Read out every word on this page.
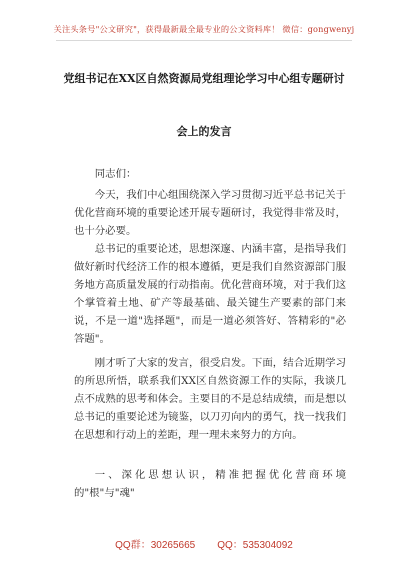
关注头条号"公文研究"，获得最新最全最专业的公文资料库！ 微信：gongwenyj
党组书记在XX区自然资源局党组理论学习中心组专题研讨
会上的发言

同志们：

今天，我们中心组围绕深入学习贯彻习近平总书记关于优化营商环境的重要论述开展专题研讨，我觉得非常及时，也十分必要。

总书记的重要论述，思想深邃、内涵丰富，是指导我们做好新时代经济工作的根本遵循，更是我们自然资源部门服务地方高质量发展的行动指南。优化营商环境，对于我们这个掌管着土地、矿产等最基础、最关键生产要素的部门来说，不是一道"选择题"，而是一道必须答好、答精彩的"必答题"。

刚才听了大家的发言，很受启发。下面，结合近期学习的所思所悟，联系我们XX区自然资源工作的实际，我谈几点不成熟的思考和体会。主要目的不是总结成绩，而是想以总书记的重要论述为镜鉴，以刀刃向内的勇气，找一找我们在思想和行动上的差距，理一理未来努力的方向。

一、深化思想认识，精准把握优化营商环境的"根"与"魂"

QQ群：30265665 QQ：535304092
